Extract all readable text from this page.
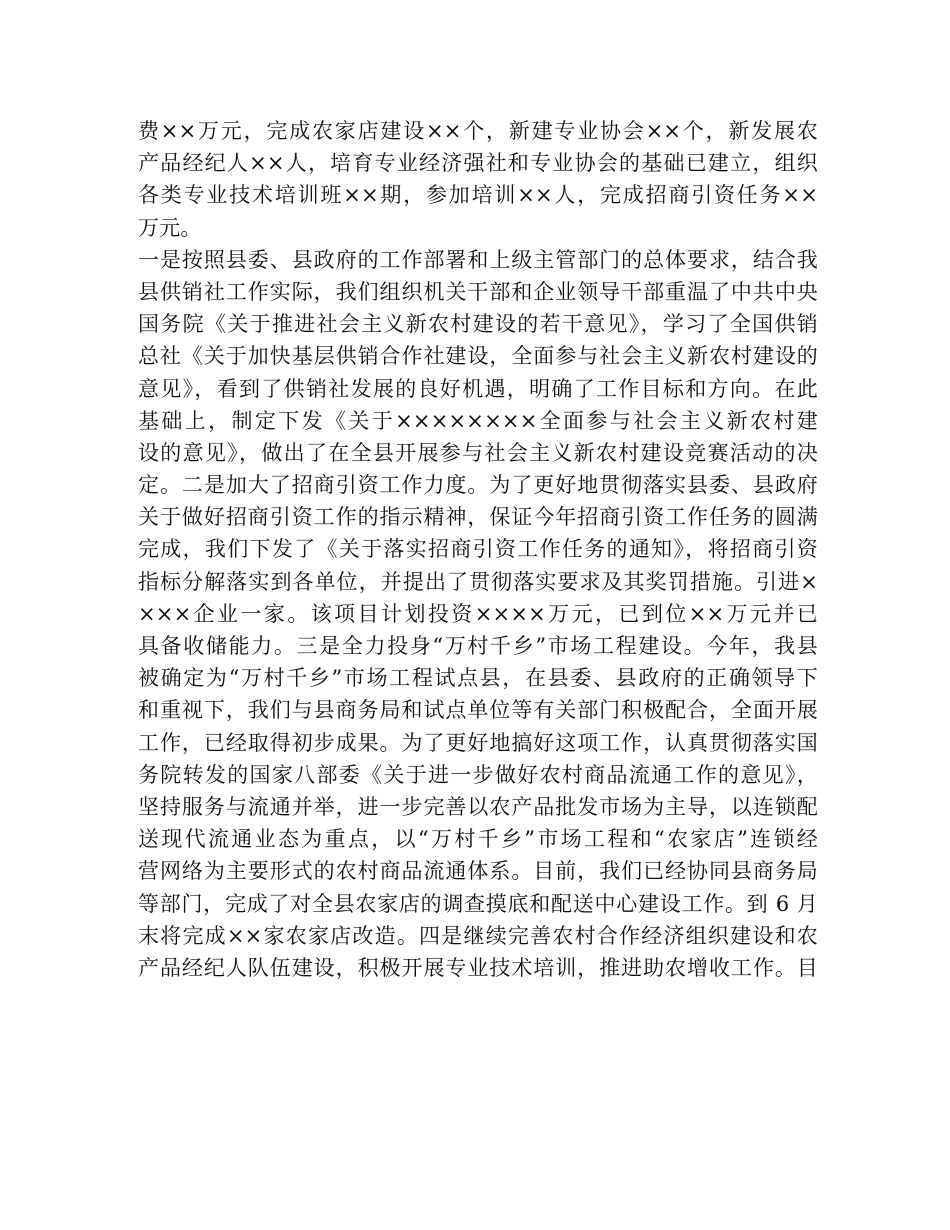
费××万元，完成农家店建设××个，新建专业协会××个，新发展农
产品经纪人××人，培育专业经济强社和专业协会的基础已建立，组织
各类专业技术培训班××期，参加培训××人，完成招商引资任务××
万元。
一是按照县委、县政府的工作部署和上级主管部门的总体要求，结合我
县供销社工作实际，我们组织机关干部和企业领导干部重温了中共中央
国务院《关于推进社会主义新农村建设的若干意见》，学习了全国供销
总社《关于加快基层供销合作社建设，全面参与社会主义新农村建设的
意见》，看到了供销社发展的良好机遇，明确了工作目标和方向。在此
基础上，制定下发《关于××××××××全面参与社会主义新农村建
设的意见》，做出了在全县开展参与社会主义新农村建设竞赛活动的决
定。二是加大了招商引资工作力度。为了更好地贯彻落实县委、县政府
关于做好招商引资工作的指示精神，保证今年招商引资工作任务的圆满
完成，我们下发了《关于落实招商引资工作任务的通知》，将招商引资
指标分解落实到各单位，并提出了贯彻落实要求及其奖罚措施。引进×
×××企业一家。该项目计划投资××××万元，已到位××万元并已
具备收储能力。三是全力投身“万村千乡”市场工程建设。今年，我县
被确定为“万村千乡”市场工程试点县，在县委、县政府的正确领导下
和重视下，我们与县商务局和试点单位等有关部门积极配合，全面开展
工作，已经取得初步成果。为了更好地搞好这项工作，认真贯彻落实国
务院转发的国家八部委《关于进一步做好农村商品流通工作的意见》，
坚持服务与流通并举，进一步完善以农产品批发市场为主导，以连锁配
送现代流通业态为重点，以“万村千乡”市场工程和“农家店”连锁经
营网络为主要形式的农村商品流通体系。目前，我们已经协同县商务局
等部门，完成了对全县农家店的调查摸底和配送中心建设工作。到 6 月
末将完成××家农家店改造。四是继续完善农村合作经济组织建设和农
产品经纪人队伍建设，积极开展专业技术培训，推进助农增收工作。目
